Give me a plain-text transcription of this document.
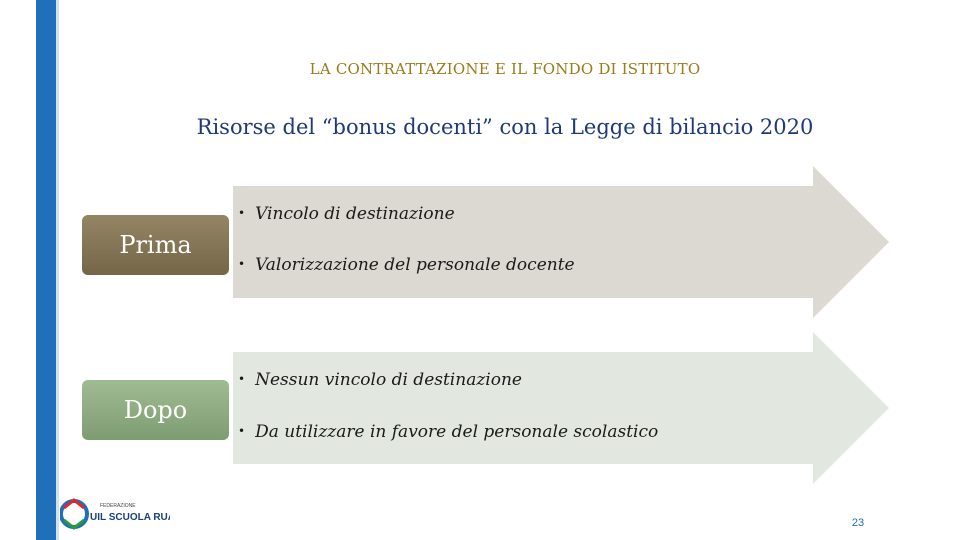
LA CONTRATTAZIONE E IL FONDO DI ISTITUTO
Risorse del “bonus docenti” con la Legge di bilancio 2020
• Vincolo di destinazione
• Valorizzazione del personale docente
• Nessun vincolo di destinazione
• Da utilizzare in favore del personale scolastico
Prima
Dopo
FEDERAZIONE
UIL SCUOLA RUA	23
